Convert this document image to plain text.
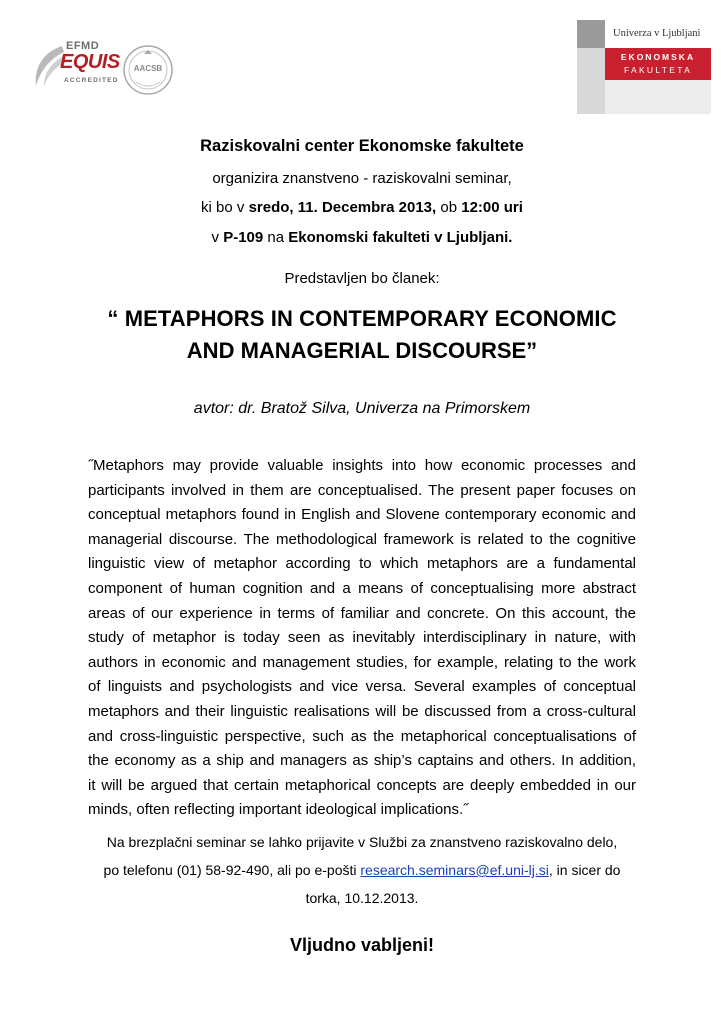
EFMD
EQUIS
ACCREDITED
AACSB
Univerza v Ljubljani
EKONOMSKA
FAKULTETA
Raziskovalni center Ekonomske fakultete
organizira znanstveno - raziskovalni seminar,
ki bo v sredo, 11. Decembra 2013, ob 12:00 uri
v P-109 na Ekonomski fakulteti v Ljubljani.
Predstavljen bo članek:
“ METAPHORS IN CONTEMPORARY ECONOMIC
AND MANAGERIAL DISCOURSE”
avtor: dr. Bratož Silva, Univerza na Primorskem
˝Metaphors may provide valuable insights into how economic processes and
participants involved in them are conceptualised. The present paper focuses on
conceptual metaphors found in English and Slovene contemporary economic and
managerial discourse. The methodological framework is related to the cognitive
linguistic view of metaphor according to which metaphors are a fundamental
component of human cognition and a means of conceptualising more abstract
areas of our experience in terms of familiar and concrete. On this account, the
study of metaphor is today seen as inevitably interdisciplinary in nature, with
authors in economic and management studies, for example, relating to the work
of linguists and psychologists and vice versa. Several examples of conceptual
metaphors and their linguistic realisations will be discussed from a cross-cultural
and cross-linguistic perspective, such as the metaphorical conceptualisations of
the economy as a ship and managers as ship’s captains and others. In addition,
it will be argued that certain metaphorical concepts are deeply embedded in our
minds, often reflecting important ideological implications.˝
Na brezplačni seminar se lahko prijavite v Službi za znanstveno raziskovalno delo,
po telefonu (01) 58-92-490, ali po e-pošti research.seminars@ef.uni-lj.si, in sicer do
torka, 10.12.2013.
Vljudno vabljeni!
